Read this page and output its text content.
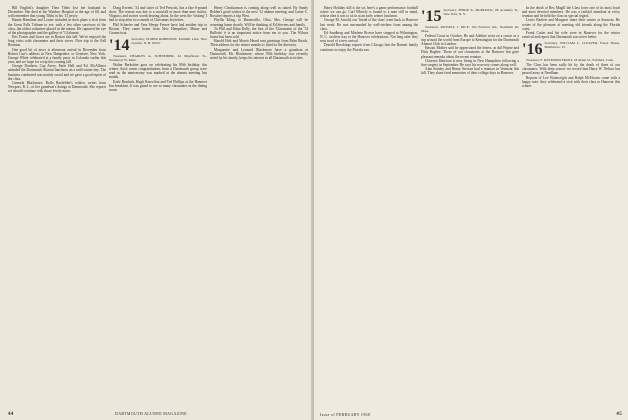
Bill English's daughter Thea Tibbs lost her husband in December. She died at the Windsor Hospital at the age of 68, and will remember that young Tibbs in his '13 jersey.

Hamie Hamilton and Louise included in their plans a visit from the Great Falls Tribune to see, with a few other survivors of the class, the oldest volunteer-placed in the nation. He captured the eye of the photographer and the gallery of '14 alumni.

Eric Foster and Grace are in Boston this fall. We've enjoyed the long visits with classmates and their wives. Nice trip to the Fall Reunion.

One good bit of news is afternoon arrival in December from Robert Carr's address in New Hampshire, to Genesee, New York. George White celebrated at a family party in Colorado earlier this year, and we hope for a trip this coming fall.

George Dardeen, Cap Avery, Earle Hall and Ed. McAllister attended the Dartmouth Alumni luncheon on a mild winter day. The business conducted was mainly social and we gave a good report of the class.

Carmela Blackmore, Rollo Bachelder's widow, writes from Newport, R. I., of her grandson's doings at Dartmouth. She reports we should continue with those lovely notes.

Doug Everett, '34 and sister of Ted Prescott, has a fine 6-pound short. The reason was due to a snowfall of more than nine inches. Virginia, and stories worth hearing about. In the west the 'visiting' I had to stop after two rounds of Christmas festivities.

Phil Schaefer and Vera Sleepy Freeze have had another trip to Boston. They came home from New Hampshire, Maine and Connecticut.

'14 Secretary, ELMER ROBINSON, Farmhill Lane, New London, N. H. 03257

Treasurer, CHARLES A. SCHNEIDER, 42 Mayflower St., Wollaston 70, Mass.

Walter Berkshire goes on celebrating his 80th birthday this winter. Such warm congratulations from a Dartmouth group were read as the anniversary was marked at the alumni meeting last month.

Earle Barchuk, Hugh Knowlton and Ted Phillips at the Hanover Inn breakfast. It was grand to see so many classmates in the dining room.

Henry Christianson is coming along well as stated. By Sandy Belden's good wishes to the next '12 alumni meeting, and Carter C. Rossiter reports a trip West.

Phyllis Kling, to Barnesville, Ohio, Mrs. George will be returning home shortly. Will be thinking of Ed Stevens and family.

To Phil and Edna Kelly, the first of the 'Classmates of the '14 Bulletin' it is an important notice from me to you. The Wilson house has been sold.

Harold Holt and Morris Heard sent greetings from Palm Beach. Their address for the winter months is listed in the directory.

Marguerite and Leonard Blackmore have a grandson at Dartmouth. Mr. Blackmore, whose 95th birthday was recently noted by his family, keeps his interest in all Dartmouth activities.

44	DARTMOUTH ALUMNI MAGAZINE

Harry Holiday still is the sir, here's a game performance football where we can go. Carl Whitely is bound to a man still in mind, whose idea it was to sit in at an early winter luncheon.

George M. Arnold, our 'friend of the class' went back to Hanover last week. He was surrounded by well-wishers from among the class.

Ed Sandberg and Marlene Brown have stopped at Wilmington, N. C. on their way to the Hanover celebrations. Not long after they sent word of a new arrival.

Donald Brookings reports from Chicago that the Barnett family continues to enjoy the Florida sun.

'15 Secretary, PHILIP K. MURDOCK, 68 Academy St., New York, N. Y.

Treasurer, RUSSELL J. RICE, 104 Fairview Rd., Needham 92, Mass.

Federal Court in October. He and Adeline went on a cruise as a trip around the world from Europe to Kensington for the Dartmouth Alumni Club in London.

Hawaii Mother said he appreciated the letters, as did Wayne and Dick Bugbee. Those of our classmates at the Hanover Inn gave pleasant remarks about the recent reunion.

Clarence Harrison is now living in New Hampshire following a fine surgery in September. He says his recovery comes along well.

Alan Stanley and Henry Stewart had a reunion in Vermont this fall. They share fond memories of their college days in Hanover.

In the death of Rex Magill the Class loses one of its most loyal and most devoted members. He was a faithful attendant at every reunion and he held the class in special regard.

Lewis Bartlett and Margaret share their winter at Sarasota. He writes of the pleasure of meeting old friends along the Florida coast.

Frank Cutler and his wife were in Hanover for the winter carnival and report that Dartmouth was never better.

'16 Secretary, WILLIAM L. CLEAVER, Forest House, Brattleboro, Vt.

Treasurer, F. RAYMOND FROST, 18 Alden St., Fairfield, Conn.

The Class has been sadly hit by the death of three of our classmates. With deep sorrow we record that Harry W. Nelson has passed away at Needham.

Reports of Lee Wainwright and Ralph McElwain come with a happy note: they celebrated a visit with their class to Hanover this winter.

Issue of FEBRUARY 1968	45
